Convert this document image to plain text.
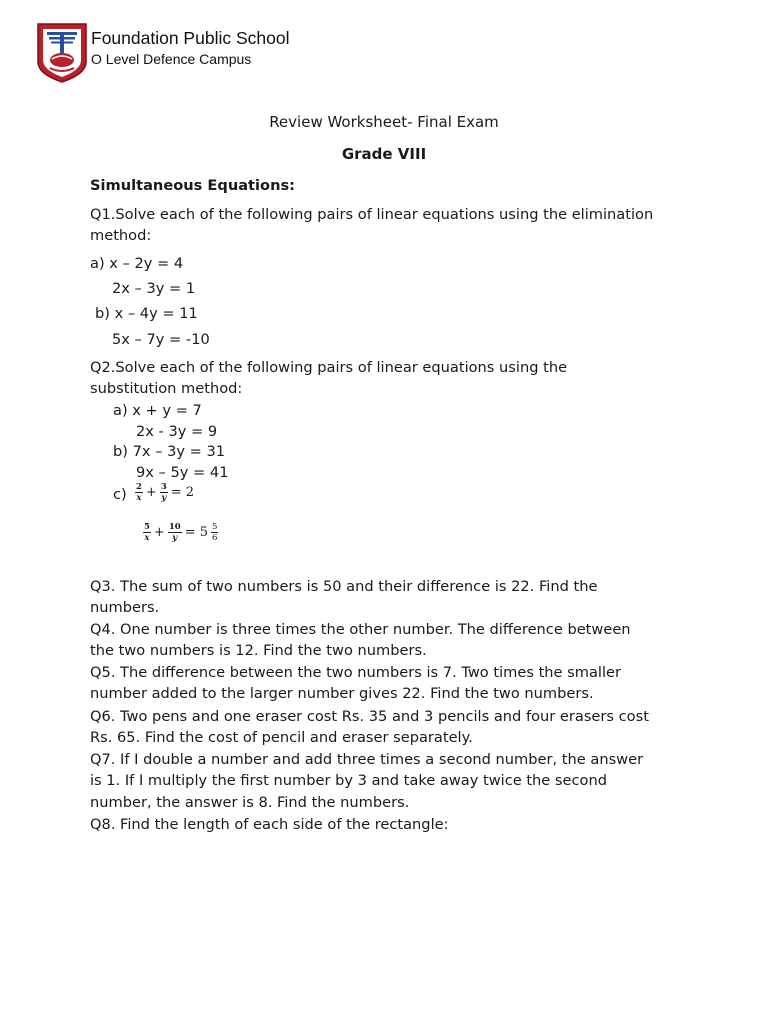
Foundation Public School
O Level Defence Campus
Review Worksheet- Final Exam
Grade VIII
Simultaneous Equations:
Q1.Solve each of the following pairs of linear equations using the elimination
method:
a) x – 2y = 4
2x – 3y = 1
b) x – 4y = 11
5x – 7y = -10
Q2.Solve each of the following pairs of linear equations using the
substitution method:
a) x + y = 7
2x - 3y = 9
b) 7x – 3y = 31
9x – 5y = 41
$c) \frac{2}{x} + \frac{3}{y} = 2$
$\frac{5}{x} + \frac{10}{y} = 5 \frac{5}{6}$
Q3. The sum of two numbers is 50 and their difference is 22. Find the
numbers.
Q4. One number is three times the other number. The difference between
the two numbers is 12. Find the two numbers.
Q5. The difference between the two numbers is 7. Two times the smaller
number added to the larger number gives 22. Find the two numbers.
Q6. Two pens and one eraser cost Rs. 35 and 3 pencils and four erasers cost
Rs. 65. Find the cost of pencil and eraser separately.
Q7. If I double a number and add three times a second number, the answer
is 1. If I multiply the first number by 3 and take away twice the second
number, the answer is 8. Find the numbers.
Q8. Find the length of each side of the rectangle:
